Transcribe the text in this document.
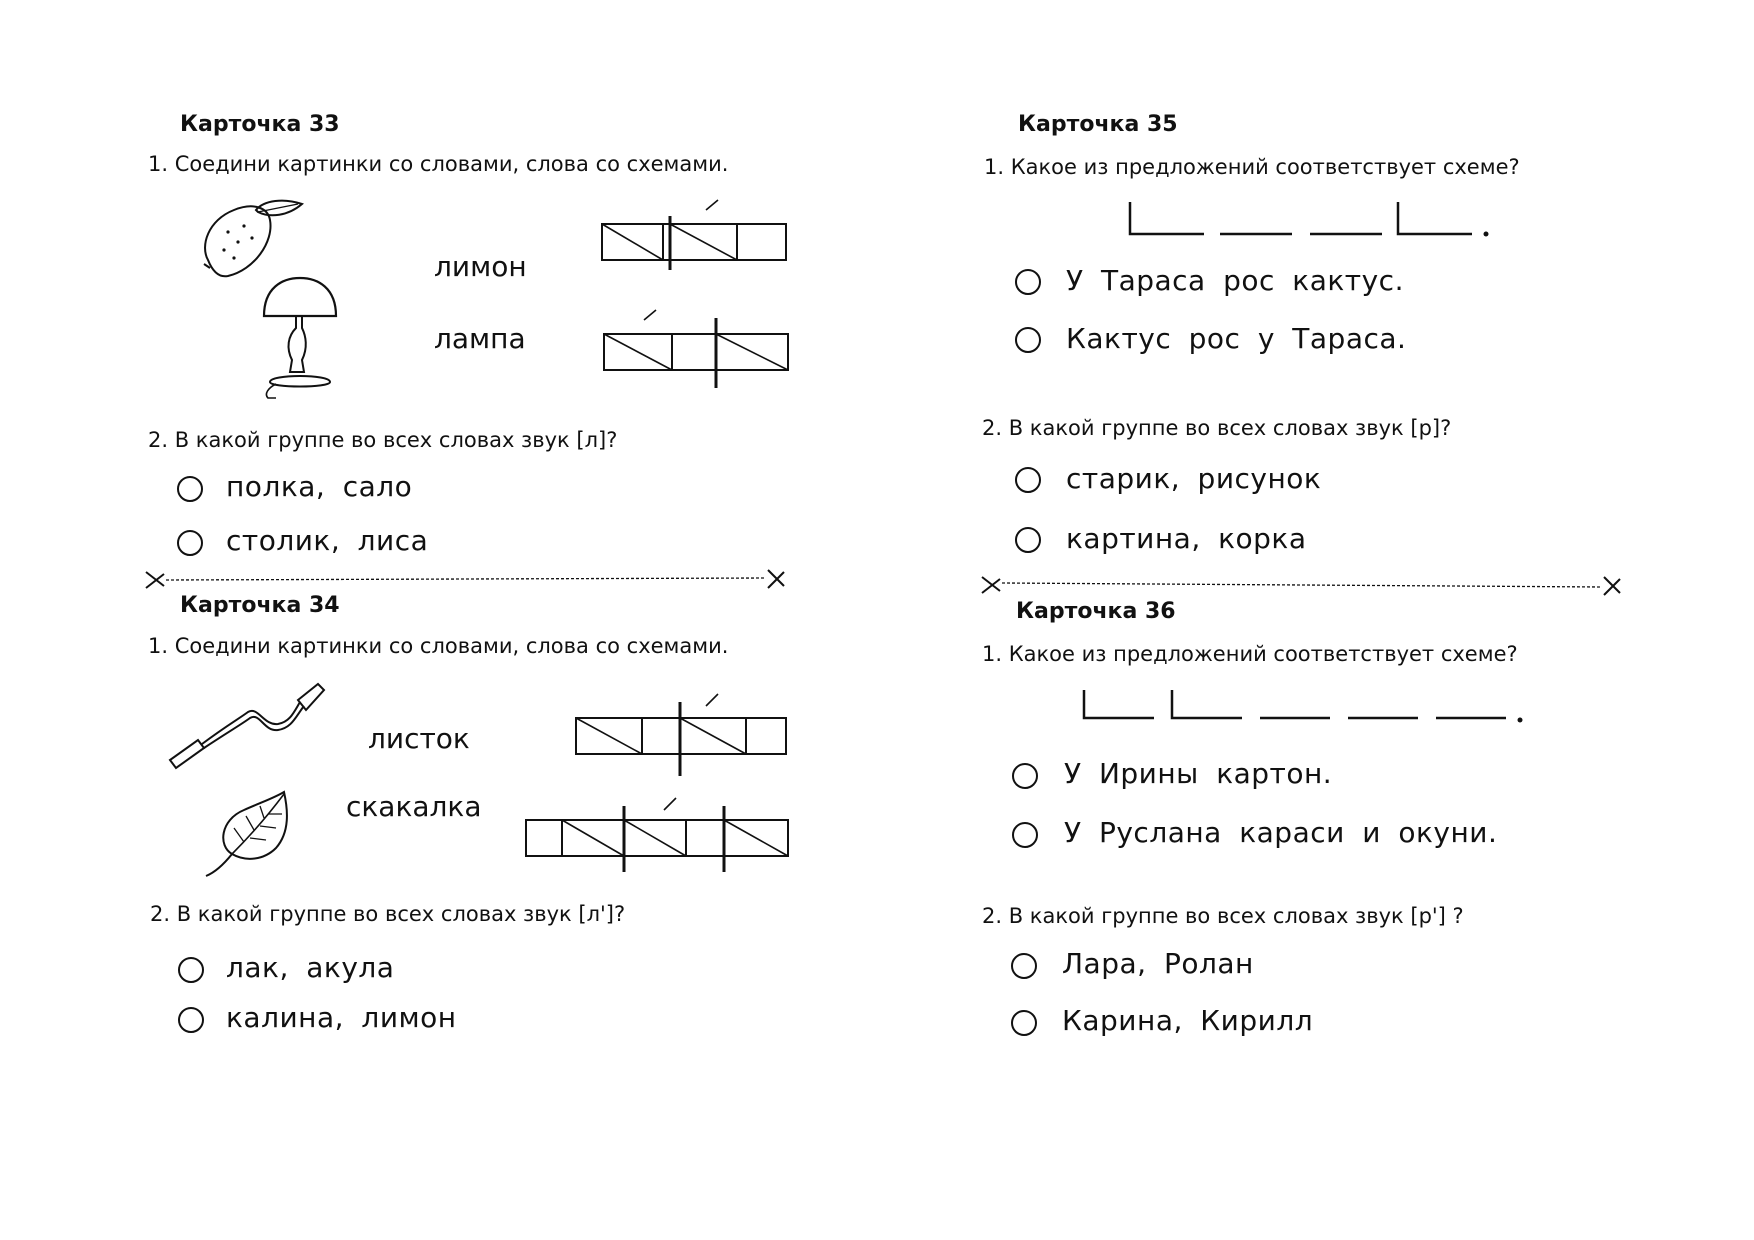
Карточка 33
1. Соедини картинки со словами, слова со схемами.
лимон
лампа
2. В какой группе во всех словах звук [л]?
полка, сало
столик, лиса
Карточка 34
1. Соедини картинки со словами, слова со схемами.
листок
скакалка
2. В какой группе во всех словах звук [л']?
лак, акула
калина, лимон
Карточка 35
1. Какое из предложений соответствует схеме?
У Тараса рос кактус.
Кактус рос у Тараса.
2. В какой группе во всех словах звук [р]?
старик, рисунок
картина, корка
Карточка 36
1. Какое из предложений соответствует схеме?
У Ирины картон.
У Руслана караси и окуни.
2. В какой группе во всех словах звук [р'] ?
Лара, Ролан
Карина, Кирилл
